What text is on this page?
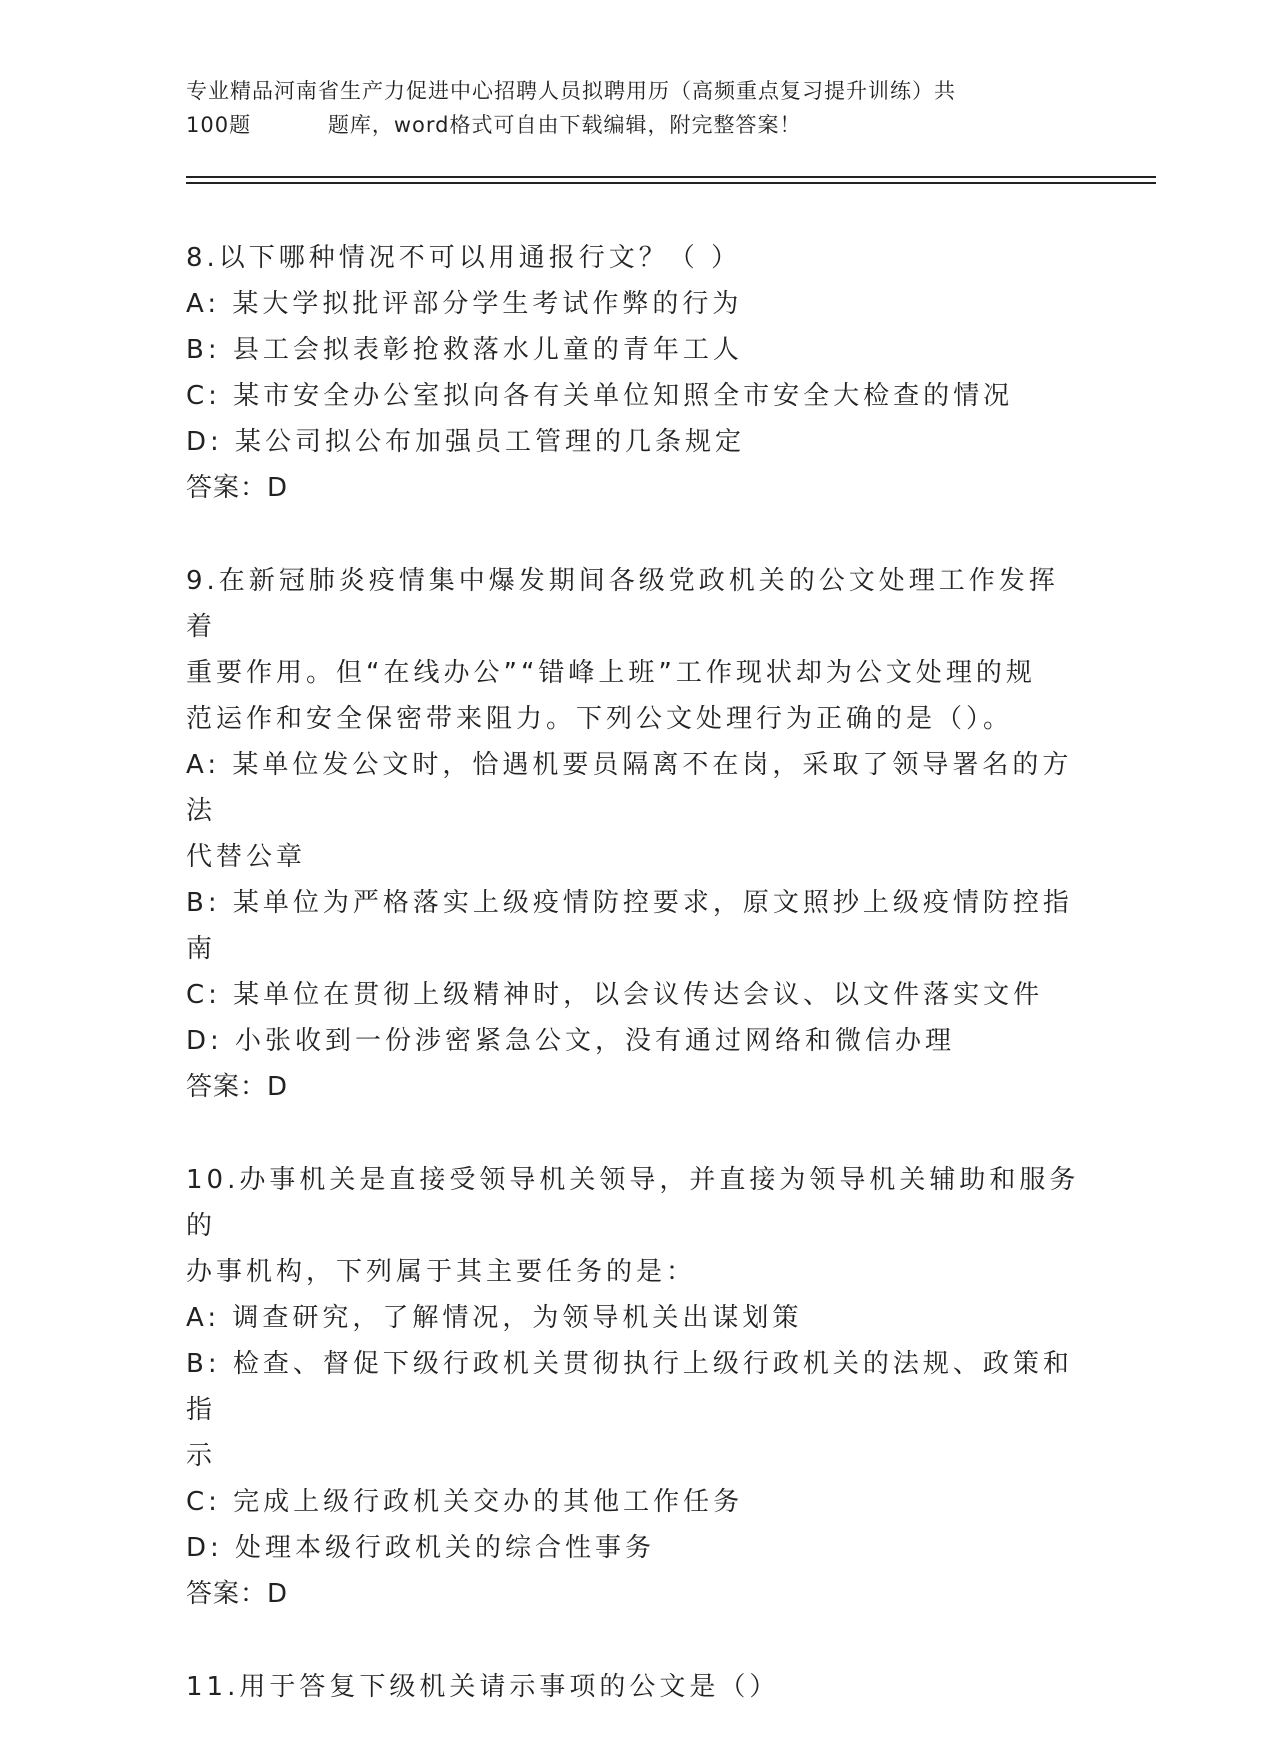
专业精品河南省生产力促进中心招聘人员拟聘用历（高频重点复习提升训练）共

100题          题库，word格式可自由下载编辑，附完整答案！

8.以下哪种情况不可以用通报行文？（ ）

A: 某大学拟批评部分学生考试作弊的行为

B: 县工会拟表彰抢救落水儿童的青年工人

C: 某市安全办公室拟向各有关单位知照全市安全大检查的情况

D: 某公司拟公布加强员工管理的几条规定

答案：D

9.在新冠肺炎疫情集中爆发期间各级党政机关的公文处理工作发挥着

重要作用。但“在线办公”“错峰上班”工作现状却为公文处理的规

范运作和安全保密带来阻力。下列公文处理行为正确的是（）。

A: 某单位发公文时，恰遇机要员隔离不在岗，采取了领导署名的方法

代替公章

B: 某单位为严格落实上级疫情防控要求，原文照抄上级疫情防控指南

C: 某单位在贯彻上级精神时，以会议传达会议、以文件落实文件

D: 小张收到一份涉密紧急公文，没有通过网络和微信办理

答案：D

10.办事机关是直接受领导机关领导，并直接为领导机关辅助和服务的

办事机构，下列属于其主要任务的是：

A: 调查研究，了解情况，为领导机关出谋划策

B: 检查、督促下级行政机关贯彻执行上级行政机关的法规、政策和指

示

C: 完成上级行政机关交办的其他工作任务

D: 处理本级行政机关的综合性事务

答案：D

11.用于答复下级机关请示事项的公文是（）
